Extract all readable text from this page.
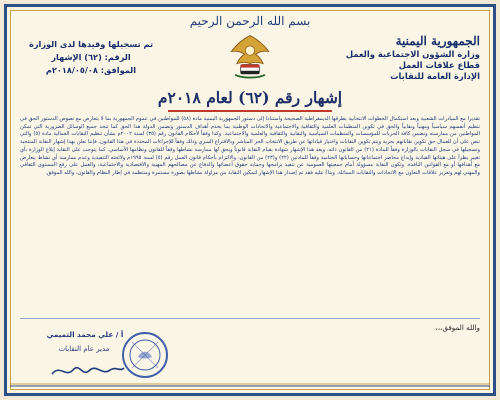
بسم الله الرحمن الرحيم
الجمهورية اليمنية
وزارة الشؤون الاجتماعية والعمل
قطاع علاقات العمل
الإدارة العامة للنقابات
تم تسجيلها وقيدها لدى الوزارة
الرقم: (٦٢) الإشهار
الموافق: ٢٠١٨/٠٥/٠٨م
إشهار رقم (٦٢) لعام ٢٠١٨م
تقديراً مع المبادرات الشعبية وبعد استكمال الخطوات الانتخابية بطرقها الديمقراطية الصحيحة واستناداً إلى دستور الجمهورية اليمنية مادة (٥٨) للمواطنين في عموم الجمهورية بما لا يتعارض مع نصوص الدستور الحق في تنظيم أنفسهم سياسياً ومهنياً ونقابياً والحق في تكوين المنظمات العلمية والثقافية والاجتماعية والاتحادات الوطنية بما يخدم أهداف الدستور وتضمن الدولة هذا الحق كما تتخذ جميع الوسائل الضرورية التي تمكن المواطنين من ممارسته وتضمن كافة الحريات للمؤسسات والمنظمات السياسية والنقابية والثقافية والعلمية والاجتماعية. وكذا وفقاً لأحكام القانون رقم (٣٥) لسنة ٢٠٠٢م بشأن تنظيم النقابات العمالية مادة (٥) والتي تنص على أن للعمال حق تكوين نقاباتهم بحرية ويتم تكوين النقابات واختيار قياداتها عن طريق الانتخاب الحر المباشر وبالاقتراع السري وذلك وفقاً للإجراءات المحددة في هذا القانون. فإننا نعلن بهذا إشهار النقابة المنتخبة وتسجيلها في سجل النقابات بالوزارة وفقاً للمادة (٢١) من القانون ذاته، ويعد هذا الإشهار شهادة بقيام النقابة قانوناً ويحق لها ممارسة نشاطها وفقاً للقانون ونظامها الأساسي. كما يتوجب على النقابة إبلاغ الوزارة بأي تغيير يطرأ على هيئاتها القيادية وإيداع محاضر اجتماعاتها وحساباتها الختامية وفقاً للمادتين (٢٢) و(٢٣) من القانون، والالتزام بأحكام قانون العمل رقم (٥) لسنة ١٩٩٥م ولائحته التنفيذية وعدم ممارسة أي نشاط يتعارض مع أهدافها أو مع القوانين النافذة. وتكون النقابة مسؤولة أمام جمعيتها العمومية عن تنفيذ برامجها وحماية حقوق أعضائها والدفاع عن مصالحهم المهنية والاقتصادية والاجتماعية، والعمل على رفع المستوى الثقافي والمهني لهم وتعزيز علاقات التعاون مع الاتحادات والنقابات المماثلة. وبناءً عليه فقد تم إصدار هذا الإشهار لتمكين النقابة من مزاولة نشاطها بصورة مستمرة ومنتظمة في إطار النظام والقانون، والله الموفق.
والله الموفق،،،
أ / علي محمد التميمي
مدير عام النقابات
